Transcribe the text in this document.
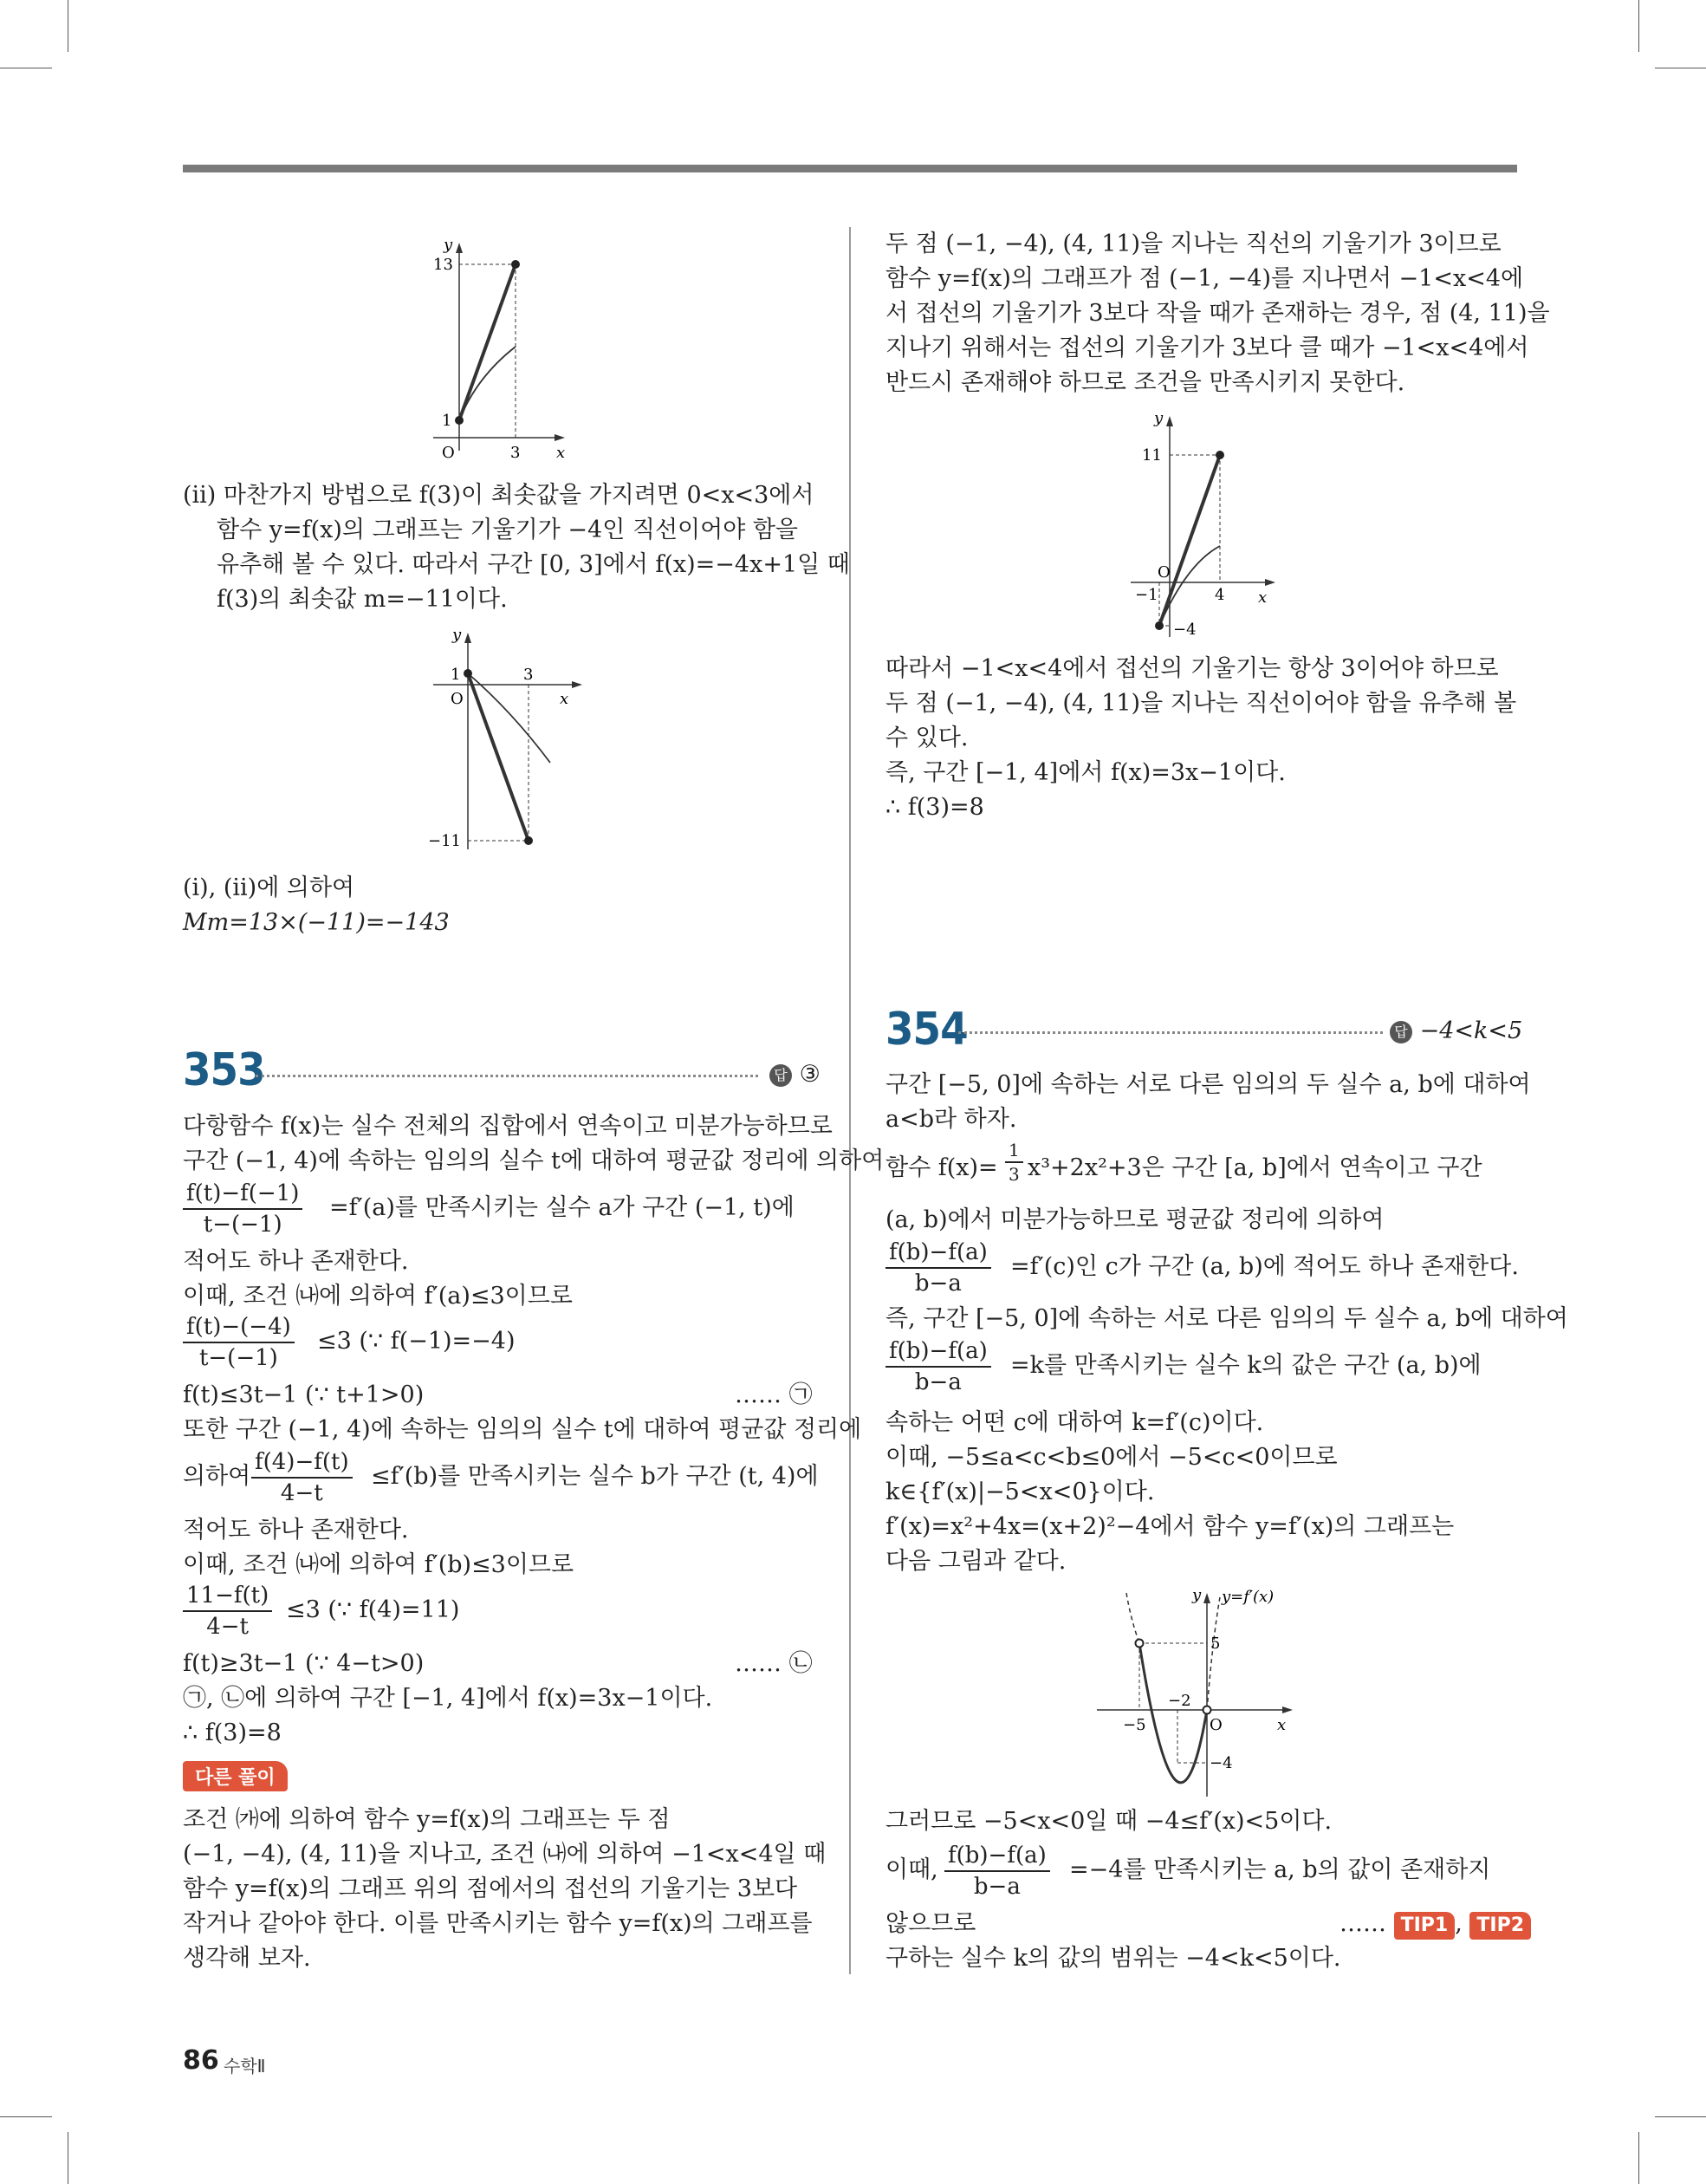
y
x
O
13
1
3
(ⅱ) 마찬가지 방법으로 f(3)이 최솟값을 가지려면 0<x<3에서
함수 y=f(x)의 그래프는 기울기가 −4인 직선이어야 함을
유추해 볼 수 있다. 따라서 구간 [0, 3]에서 f(x)=−4x+1일 때
f(3)의 최솟값 m=−11이다.
y
x
O
1	3
−11
(ⅰ), (ⅱ)에 의하여
Mm=13×(−11)=−143
353	답 ③
다항함수 f(x)는 실수 전체의 집합에서 연속이고 미분가능하므로
구간 (−1, 4)에 속하는 임의의 실수 t에 대하여 평균값 정리에 의하여
$\frac{f(t)-f(-1)}{t-(-1)} =f'(a)$를 만족시키는 실수 a가 구간 (−1, t)에
적어도 하나 존재한다.
이때, 조건 ㈏에 의하여 f′(a)≤3이므로
$\frac{f(t)-(-4)}{t-(-1)} \le 3$ (∵ f(−1)=−4)
f(t)≤3t−1 (∵ t+1>0)	…… ㉠
또한 구간 (−1, 4)에 속하는 임의의 실수 t에 대하여 평균값 정리에
의하여 $\frac{f(4)-f(t)}{4-t} \le f'(b)$를 만족시키는 실수 b가 구간 (t, 4)에
적어도 하나 존재한다.
이때, 조건 ㈏에 의하여 f′(b)≤3이므로
$\frac{11-f(t)}{4-t} \le 3$ (∵ f(4)=11)
f(t)≥3t−1 (∵ 4−t>0)	…… ㉡
㉠, ㉡에 의하여 구간 [−1, 4]에서 f(x)=3x−1이다.
∴ f(3)=8
다른 풀이
조건 ㈎에 의하여 함수 y=f(x)의 그래프는 두 점
(−1, −4), (4, 11)을 지나고, 조건 ㈏에 의하여 −1<x<4일 때
함수 y=f(x)의 그래프 위의 점에서의 접선의 기울기는 3보다
작거나 같아야 한다. 이를 만족시키는 함수 y=f(x)의 그래프를
생각해 보자.
두 점 (−1, −4), (4, 11)을 지나는 직선의 기울기가 3이므로
함수 y=f(x)의 그래프가 점 (−1, −4)를 지나면서 −1<x<4에
서 접선의 기울기가 3보다 작을 때가 존재하는 경우, 점 (4, 11)을
지나기 위해서는 접선의 기울기가 3보다 클 때가 −1<x<4에서
반드시 존재해야 하므로 조건을 만족시키지 못한다.
y
x
O
11
−1	4
−4
따라서 −1<x<4에서 접선의 기울기는 항상 3이어야 하므로
두 점 (−1, −4), (4, 11)을 지나는 직선이어야 함을 유추해 볼
수 있다.
즉, 구간 [−1, 4]에서 f(x)=3x−1이다.
∴ f(3)=8
354	답 −4<k<5
구간 [−5, 0]에 속하는 서로 다른 임의의 두 실수 a, b에 대하여
a<b라 하자.
함수 $f(x)= \frac{1}{3} x^3+2x^2+3$은 구간 [a, b]에서 연속이고 구간
(a, b)에서 미분가능하므로 평균값 정리에 의하여
$\frac{f(b)-f(a)}{b-a} =f'(c)$인 c가 구간 (a, b)에 적어도 하나 존재한다.
즉, 구간 [−5, 0]에 속하는 서로 다른 임의의 두 실수 a, b에 대하여
$\frac{f(b)-f(a)}{b-a} =k$를 만족시키는 실수 k의 값은 구간 (a, b)에
속하는 어떤 c에 대하여 k=f′(c)이다.
이때, −5≤a<c<b≤0에서 −5<c<0이므로
k∈{f′(x)|−5<x<0}이다.
f′(x)=x²+4x=(x+2)²−4에서 함수 y=f′(x)의 그래프는
다음 그림과 같다.
y y=f′(x)
x
O
5
−5
−2
−4
그러므로 −5<x<0일 때 −4≤f′(x)<5이다.
이때, $\frac{f(b)-f(a)}{b-a} =-4$를 만족시키는 a, b의 값이 존재하지
않으므로	…… TIP1 , TIP2
구하는 실수 k의 값의 범위는 −4<k<5이다.
86 수학Ⅱ
